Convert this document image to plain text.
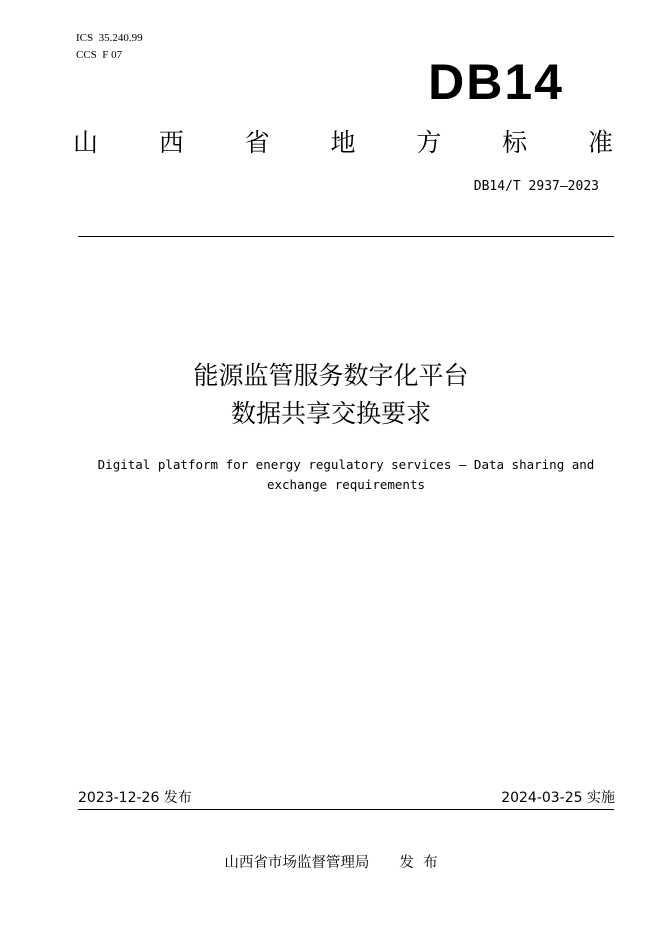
ICS  35.240.99
CCS  F 07	DB14
山 西 省 地 方 标 准
DB14/T 2937—2023
能源监管服务数字化平台
数据共享交换要求
Digital platform for energy regulatory services — Data sharing and
exchange requirements
2023-12-26 发布	2024-03-25 实施
山西省市场监督管理局 发  布
